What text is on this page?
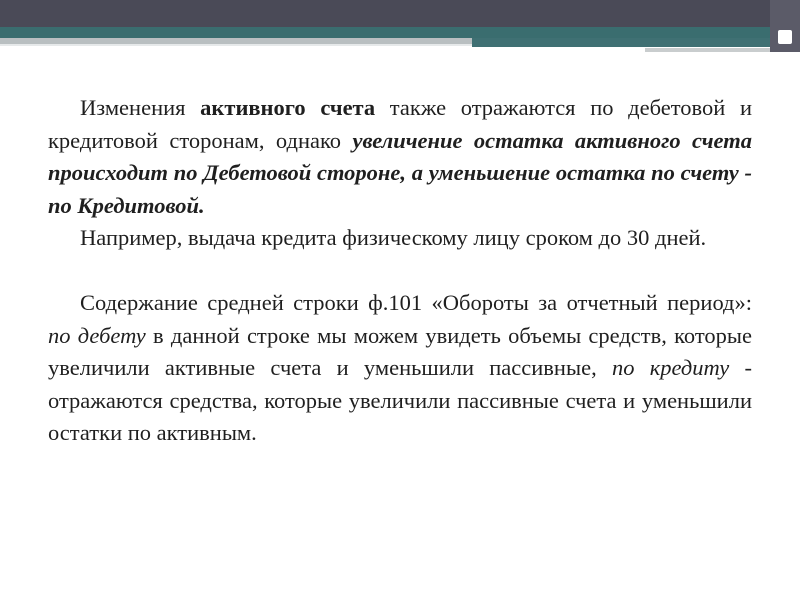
Изменения активного счета также отражаются по дебетовой и кредитовой сторонам, однако увеличение остатка активного счета происходит по Дебетовой стороне, а уменьшение остатка по счету - по Кредитовой.

Например, выдача кредита физическому лицу сроком до 30 дней.

Содержание средней строки ф.101 «Обороты за отчетный период»: по дебету в данной строке мы можем увидеть объемы средств, которые увеличили активные счета и уменьшили пассивные, по кредиту - отражаются средства, которые увеличили пассивные счета и уменьшили остатки по активным.
